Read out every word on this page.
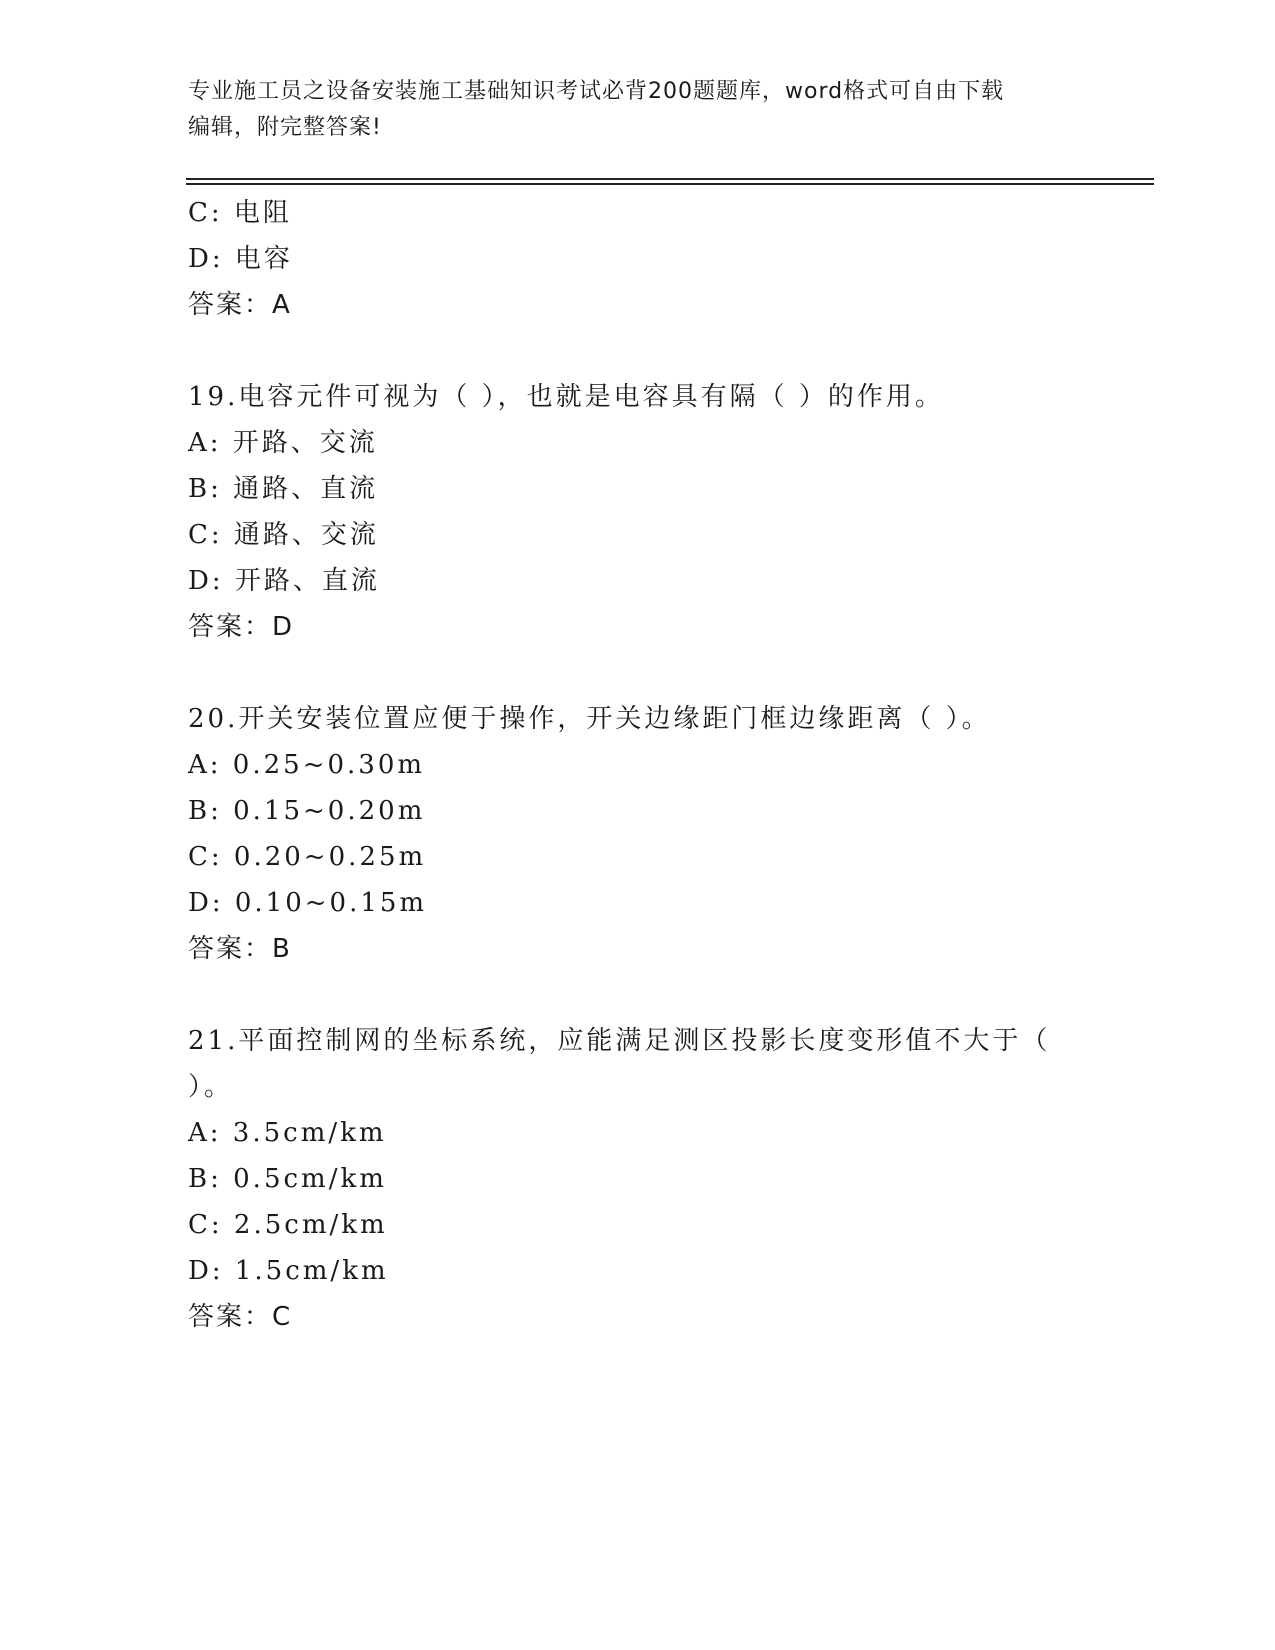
专业施工员之设备安装施工基础知识考试必背200题题库，word格式可自由下载
编辑，附完整答案!
C: 电阻
D: 电容
答案：A
19.电容元件可视为（ ），也就是电容具有隔（ ）的作用。
A: 开路、交流
B: 通路、直流
C: 通路、交流
D: 开路、直流
答案：D
20.开关安装位置应便于操作，开关边缘距门框边缘距离（ ）。
A: 0.25~0.30m
B: 0.15~0.20m
C: 0.20~0.25m
D: 0.10~0.15m
答案：B
21.平面控制网的坐标系统，应能满足测区投影长度变形值不大于（
）。
A: 3.5cm/km
B: 0.5cm/km
C: 2.5cm/km
D: 1.5cm/km
答案：C
